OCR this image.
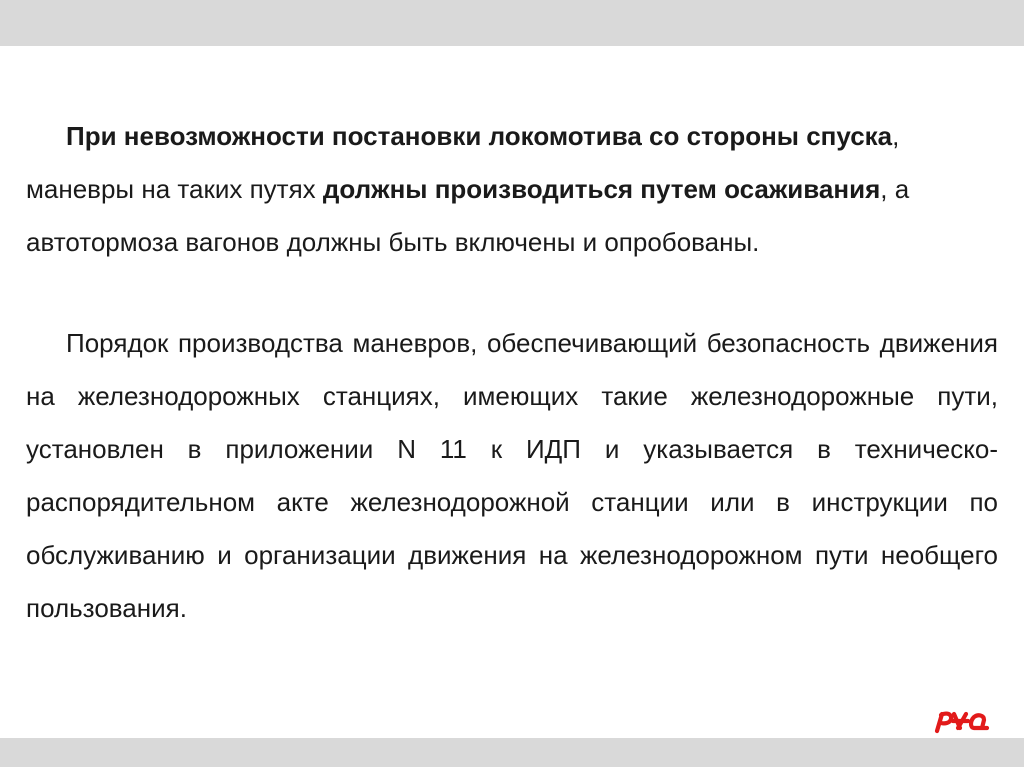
При невозможности постановки локомотива со стороны спуска, маневры на таких путях должны производиться путем осаживания, а автотормоза вагонов должны быть включены и опробованы.

Порядок производства маневров, обеспечивающий безопасность движения на железнодорожных станциях, имеющих такие железнодорожные пути, установлен в приложении N 11 к ИДП и указывается в техническо-распорядительном акте железнодорожной станции или в инструкции по обслуживанию и организации движения на железнодорожном пути необщего пользования.
